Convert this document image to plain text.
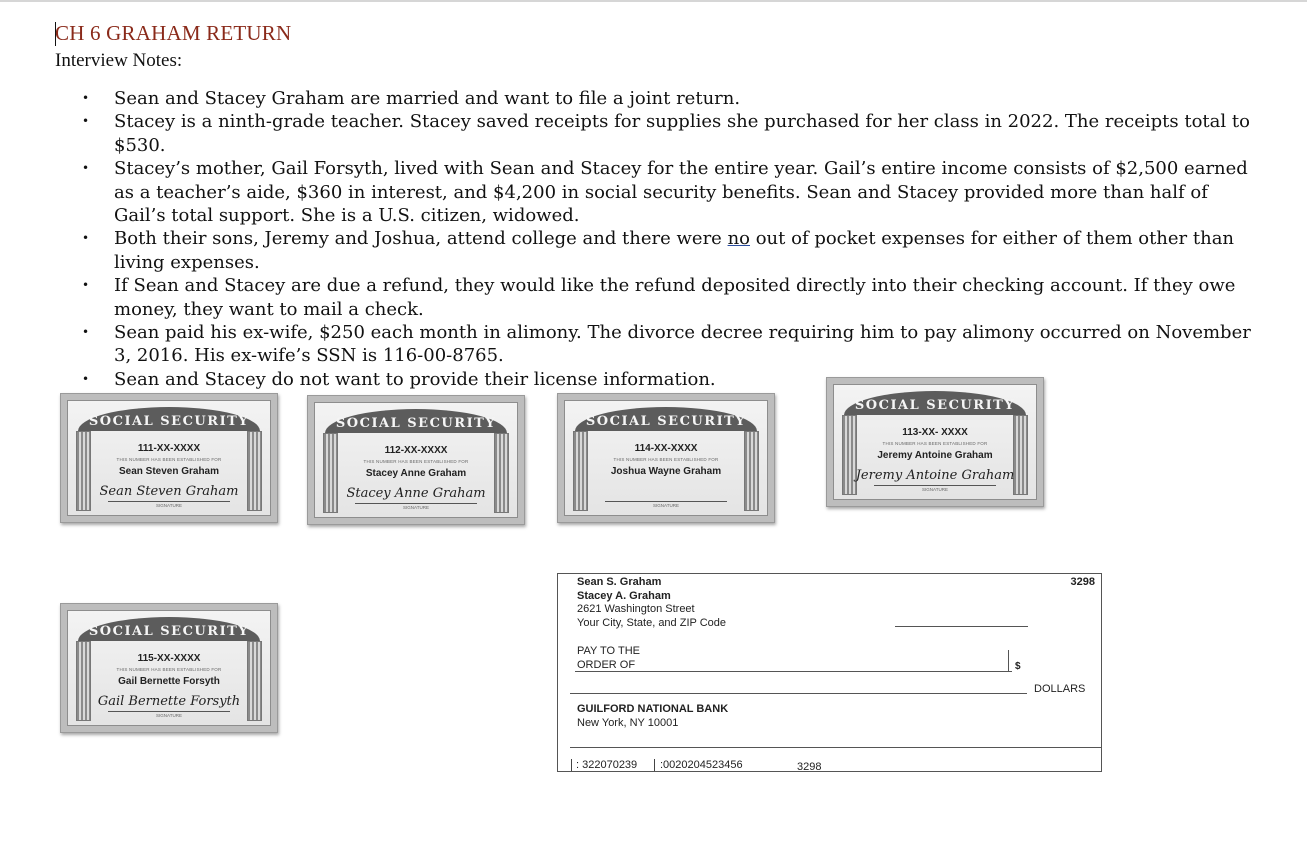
CH 6 GRAHAM RETURN
Interview Notes:
• Sean and Stacey Graham are married and want to file a joint return.
• Stacey is a ninth-grade teacher. Stacey saved receipts for supplies she purchased for her class in 2022. The receipts total to $530.
• Stacey’s mother, Gail Forsyth, lived with Sean and Stacey for the entire year. Gail’s entire income consists of $2,500 earned as a teacher’s aide, $360 in interest, and $4,200 in social security benefits. Sean and Stacey provided more than half of Gail’s total support. She is a U.S. citizen, widowed.
• Both their sons, Jeremy and Joshua, attend college and there were no out of pocket expenses for either of them other than living expenses.
• If Sean and Stacey are due a refund, they would like the refund deposited directly into their checking account. If they owe money, they want to mail a check.
• Sean paid his ex-wife, $250 each month in alimony. The divorce decree requiring him to pay alimony occurred on November 3, 2016. His ex-wife’s SSN is 116-00-8765.
• Sean and Stacey do not want to provide their license information.
SOCIAL SECURITY
111-XX-XXXX
THIS NUMBER HAS BEEN ESTABLISHED FOR
Sean Steven Graham
Sean Steven Graham
SIGNATURE
SOCIAL SECURITY
112-XX-XXXX
THIS NUMBER HAS BEEN ESTABLISHED FOR
Stacey Anne Graham
Stacey Anne Graham
SIGNATURE
SOCIAL SECURITY
114-XX-XXXX
THIS NUMBER HAS BEEN ESTABLISHED FOR
Joshua Wayne Graham
SIGNATURE
SOCIAL SECURITY
113-XX- XXXX
THIS NUMBER HAS BEEN ESTABLISHED FOR
Jeremy Antoine Graham
Jeremy Antoine Graham
SIGNATURE
SOCIAL SECURITY
115-XX-XXXX
THIS NUMBER HAS BEEN ESTABLISHED FOR
Gail Bernette Forsyth
Gail Bernette Forsyth
SIGNATURE
Sean S. Graham
Stacey A. Graham
2621 Washington Street
Your City, State, and ZIP Code
3298
PAY TO THE
ORDER OF	$
DOLLARS
GUILFORD NATIONAL BANK
New York, NY 10001
: 322070239 :0020204523456	3298
